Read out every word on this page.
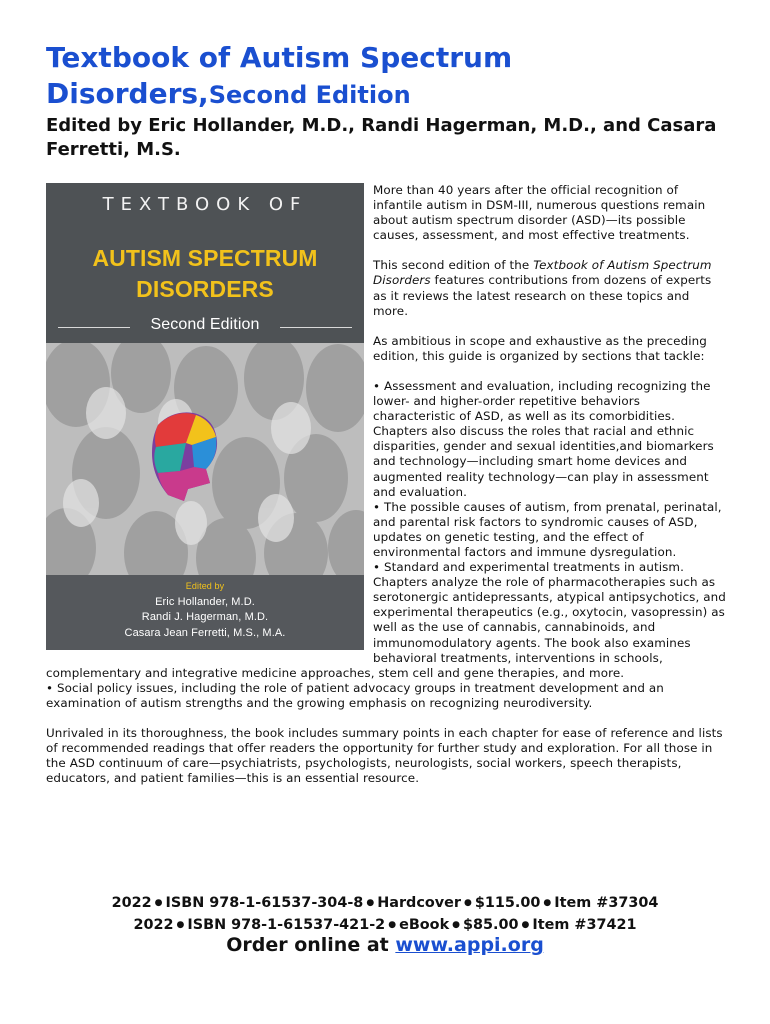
Textbook of Autism Spectrum
Disorders,Second Edition

Edited by Eric Hollander, M.D., Randi Hagerman, M.D., and Casara Ferretti, M.S.

TEXTBOOK OF
AUTISM SPECTRUM
DISORDERS
Second Edition
Edited by
Eric Hollander, M.D.
Randi J. Hagerman, M.D.
Casara Jean Ferretti, M.S., M.A.

More than 40 years after the official recognition of infantile autism in DSM-III, numerous questions remain about autism spectrum disorder (ASD)—its possible causes, assessment, and most effective treatments.

This second edition of the Textbook of Autism Spectrum Disorders features contributions from dozens of experts as it reviews the latest research on these topics and more.

As ambitious in scope and exhaustive as the preceding edition, this guide is organized by sections that tackle:

• Assessment and evaluation, including recognizing the lower- and higher-order repetitive behaviors characteristic of ASD, as well as its comorbidities. Chapters also discuss the roles that racial and ethnic disparities, gender and sexual identities,and biomarkers and technology—including smart home devices and augmented reality technology—can play in assessment and evaluation.

• The possible causes of autism, from prenatal, perinatal, and parental risk factors to syndromic causes of ASD, updates on genetic testing, and the effect of environmental factors and immune dysregulation.

• Standard and experimental treatments in autism. Chapters analyze the role of pharmacotherapies such as serotonergic antidepressants, atypical antipsychotics, and experimental therapeutics (e.g., oxytocin, vasopressin) as well as the use of cannabis, cannabinoids, and immunomodulatory agents. The book also examines behavioral treatments, interventions in schools, complementary and integrative medicine approaches, stem cell and gene therapies, and more.

• Social policy issues, including the role of patient advocacy groups in treatment development and an examination of autism strengths and the growing emphasis on recognizing neurodiversity.

Unrivaled in its thoroughness, the book includes summary points in each chapter for ease of reference and lists of recommended readings that offer readers the opportunity for further study and exploration. For all those in the ASD continuum of care—psychiatrists, psychologists, neurologists, social workers, speech therapists, educators, and patient families—this is an essential resource.

2022 ● ISBN 978-1-61537-304-8 ● Hardcover ● $115.00 ● Item #37304
2022 ● ISBN 978-1-61537-421-2 ● eBook ● $85.00 ● Item #37421
Order online at www.appi.org
